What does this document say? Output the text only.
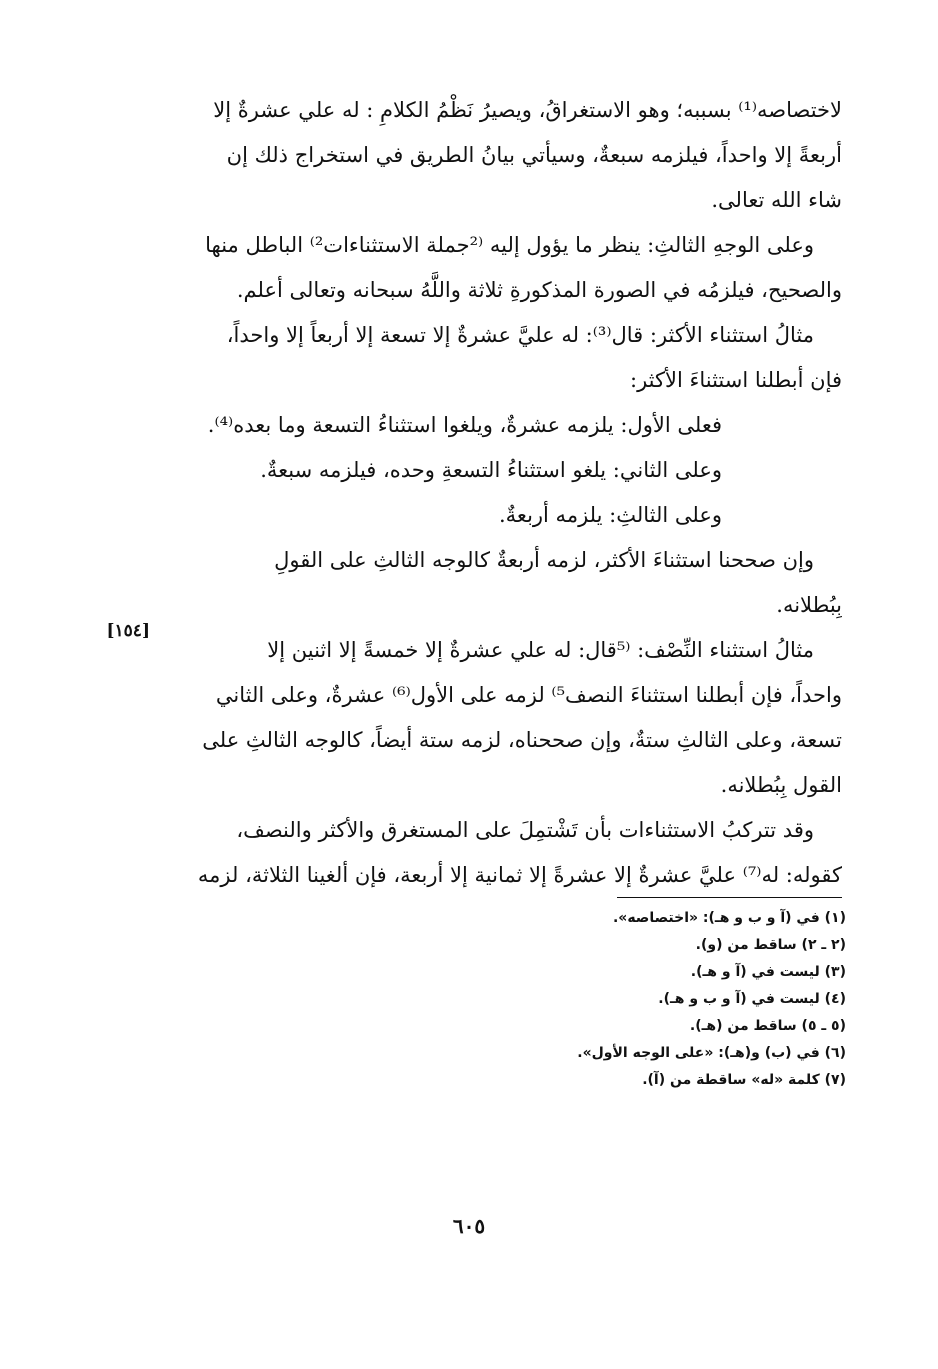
لاختصاصه⁽¹⁾ بسببه؛ وهو الاستغراقُ، ويصيرُ نَظْمُ الكلامِ : له علي عشرةٌ إلا
أربعةً إلا واحداً، فيلزمه سبعةٌ، وسيأتي بيانُ الطريق في استخراج ذلك إن
شاء الله تعالى.
وعلى الوجهِ الثالثِ: ينظر ما يؤول إليه ⁽²جملة الاستثناءات²⁾ الباطل منها
والصحيح، فيلزمُه في الصورة المذكورةِ ثلاثة واللَّهُ سبحانه وتعالى أعلم.
مثالُ استثناء الأكثر: قال⁽³⁾: له عليَّ عشرةٌ إلا تسعة إلا أربعاً إلا واحداً،
فإن أبطلنا استثناءَ الأكثر:
فعلى الأول: يلزمه عشرةٌ، ويلغوا استثناءُ التسعة وما بعده⁽⁴⁾.
وعلى الثاني: يلغو استثناءُ التسعةِ وحده، فيلزمه سبعةٌ.
وعلى الثالثِ: يلزمه أربعةٌ.
وإن صححنا استثناءَ الأكثر، لزمه أربعةٌ كالوجه الثالثِ على القولِ
بِبُطلانه.
مثالُ استثناء النِّصْف: ⁽⁵قال: له علي عشرةٌ إلا خمسةً إلا اثنين إلا
واحداً، فإن أبطلنا استثناءَ النصف⁵⁾ لزمه على الأول⁽⁶⁾ عشرةٌ، وعلى الثاني
تسعة، وعلى الثالثِ ستةٌ، وإن صححناه، لزمه ستة أيضاً، كالوجه الثالثِ على
القول بِبُطلانه.
وقد تتركبُ الاستثناءات بأن تَشْتمِلَ على المستغرق والأكثر والنصف،
كقوله: له⁽⁷⁾ عليَّ عشرةٌ إلا عشرةً إلا ثمانية إلا أربعة، فإن ألغينا الثلاثة، لزمه
[١٥٤]
(١) في (آ و ب و هـ): «اختصاصه».
(٢ ـ ٢) ساقط من (و).
(٣) ليست في (آ و هـ).
(٤) ليست في (آ و ب و هـ).
(٥ ـ ٥) ساقط من (هـ).
(٦) في (ب) و(هـ): «على الوجه الأول».
(٧) كلمة «له» ساقطة من (آ).
٦٠٥
